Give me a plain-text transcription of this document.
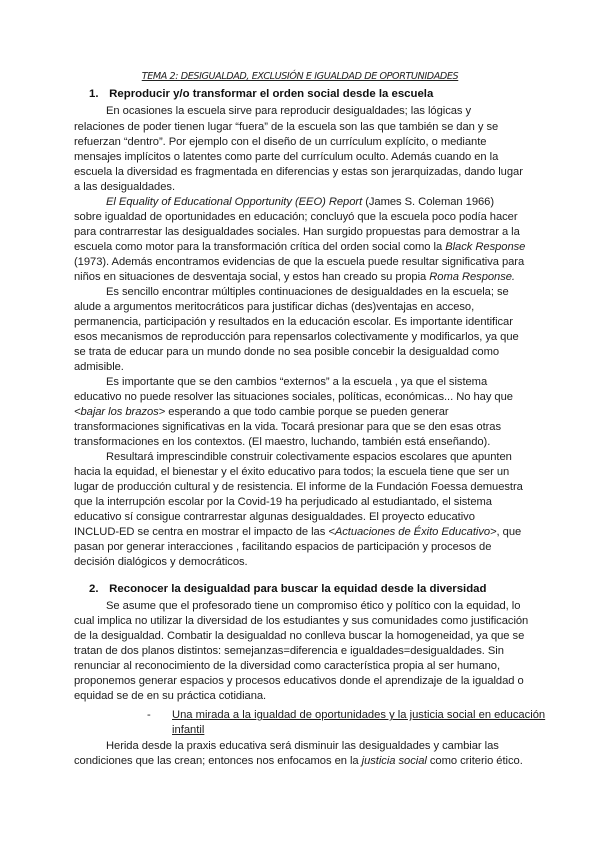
TEMA 2: DESIGUALDAD, EXCLUSIÓN E IGUALDAD DE OPORTUNIDADES
1. Reproducir y/o transformar el orden social desde la escuela
En ocasiones la escuela sirve para reproducir desigualdades; las lógicas y
relaciones de poder tienen lugar “fuera” de la escuela son las que también se dan y se
refuerzan “dentro”. Por ejemplo con el diseño de un currículum explícito, o mediante
mensajes implícitos o latentes como parte del currículum oculto. Además cuando en la
escuela la diversidad es fragmentada en diferencias y estas son jerarquizadas, dando lugar
a las desigualdades.
El Equality of Educational Opportunity (EEO) Report (James S. Coleman 1966)
sobre igualdad de oportunidades en educación; concluyó que la escuela poco podía hacer
para contrarrestar las desigualdades sociales. Han surgido propuestas para demostrar a la
escuela como motor para la transformación crítica del orden social como la Black Response
(1973). Además encontramos evidencias de que la escuela puede resultar significativa para
niños en situaciones de desventaja social, y estos han creado su propia Roma Response.
Es sencillo encontrar múltiples continuaciones de desigualdades en la escuela; se
alude a argumentos meritocráticos para justificar dichas (des)ventajas en acceso,
permanencia, participación y resultados en la educación escolar. Es importante identificar
esos mecanismos de reproducción para repensarlos colectivamente y modificarlos, ya que
se trata de educar para un mundo donde no sea posible concebir la desigualdad como
admisible.
Es importante que se den cambios “externos” a la escuela , ya que el sistema
educativo no puede resolver las situaciones sociales, políticas, económicas... No hay que
<bajar los brazos> esperando a que todo cambie porque se pueden generar
transformaciones significativas en la vida. Tocará presionar para que se den esas otras
transformaciones en los contextos. (El maestro, luchando, también está enseñando).
Resultará imprescindible construir colectivamente espacios escolares que apunten
hacia la equidad, el bienestar y el éxito educativo para todos; la escuela tiene que ser un
lugar de producción cultural y de resistencia. El informe de la Fundación Foessa demuestra
que la interrupción escolar por la Covid-19 ha perjudicado al estudiantado, el sistema
educativo sí consigue contrarrestar algunas desigualdades. El proyecto educativo
INCLUD-ED se centra en mostrar el impacto de las <Actuaciones de Éxito Educativo>, que
pasan por generar interacciones , facilitando espacios de participación y procesos de
decisión dialógicos y democráticos.
2. Reconocer la desigualdad para buscar la equidad desde la diversidad
Se asume que el profesorado tiene un compromiso ético y político con la equidad, lo
cual implica no utilizar la diversidad de los estudiantes y sus comunidades como justificación
de la desigualdad. Combatir la desigualdad no conlleva buscar la homogeneidad, ya que se
tratan de dos planos distintos: semejanzas=diferencia e igualdades=desigualdades. Sin
renunciar al reconocimiento de la diversidad como característica propia al ser humano,
proponemos generar espacios y procesos educativos donde el aprendizaje de la igualdad o
equidad se de en su práctica cotidiana.
- Una mirada a la igualdad de oportunidades y la justicia social en educación
infantil
Herida desde la praxis educativa será disminuir las desigualdades y cambiar las
condiciones que las crean; entonces nos enfocamos en la justicia social como criterio ético.
